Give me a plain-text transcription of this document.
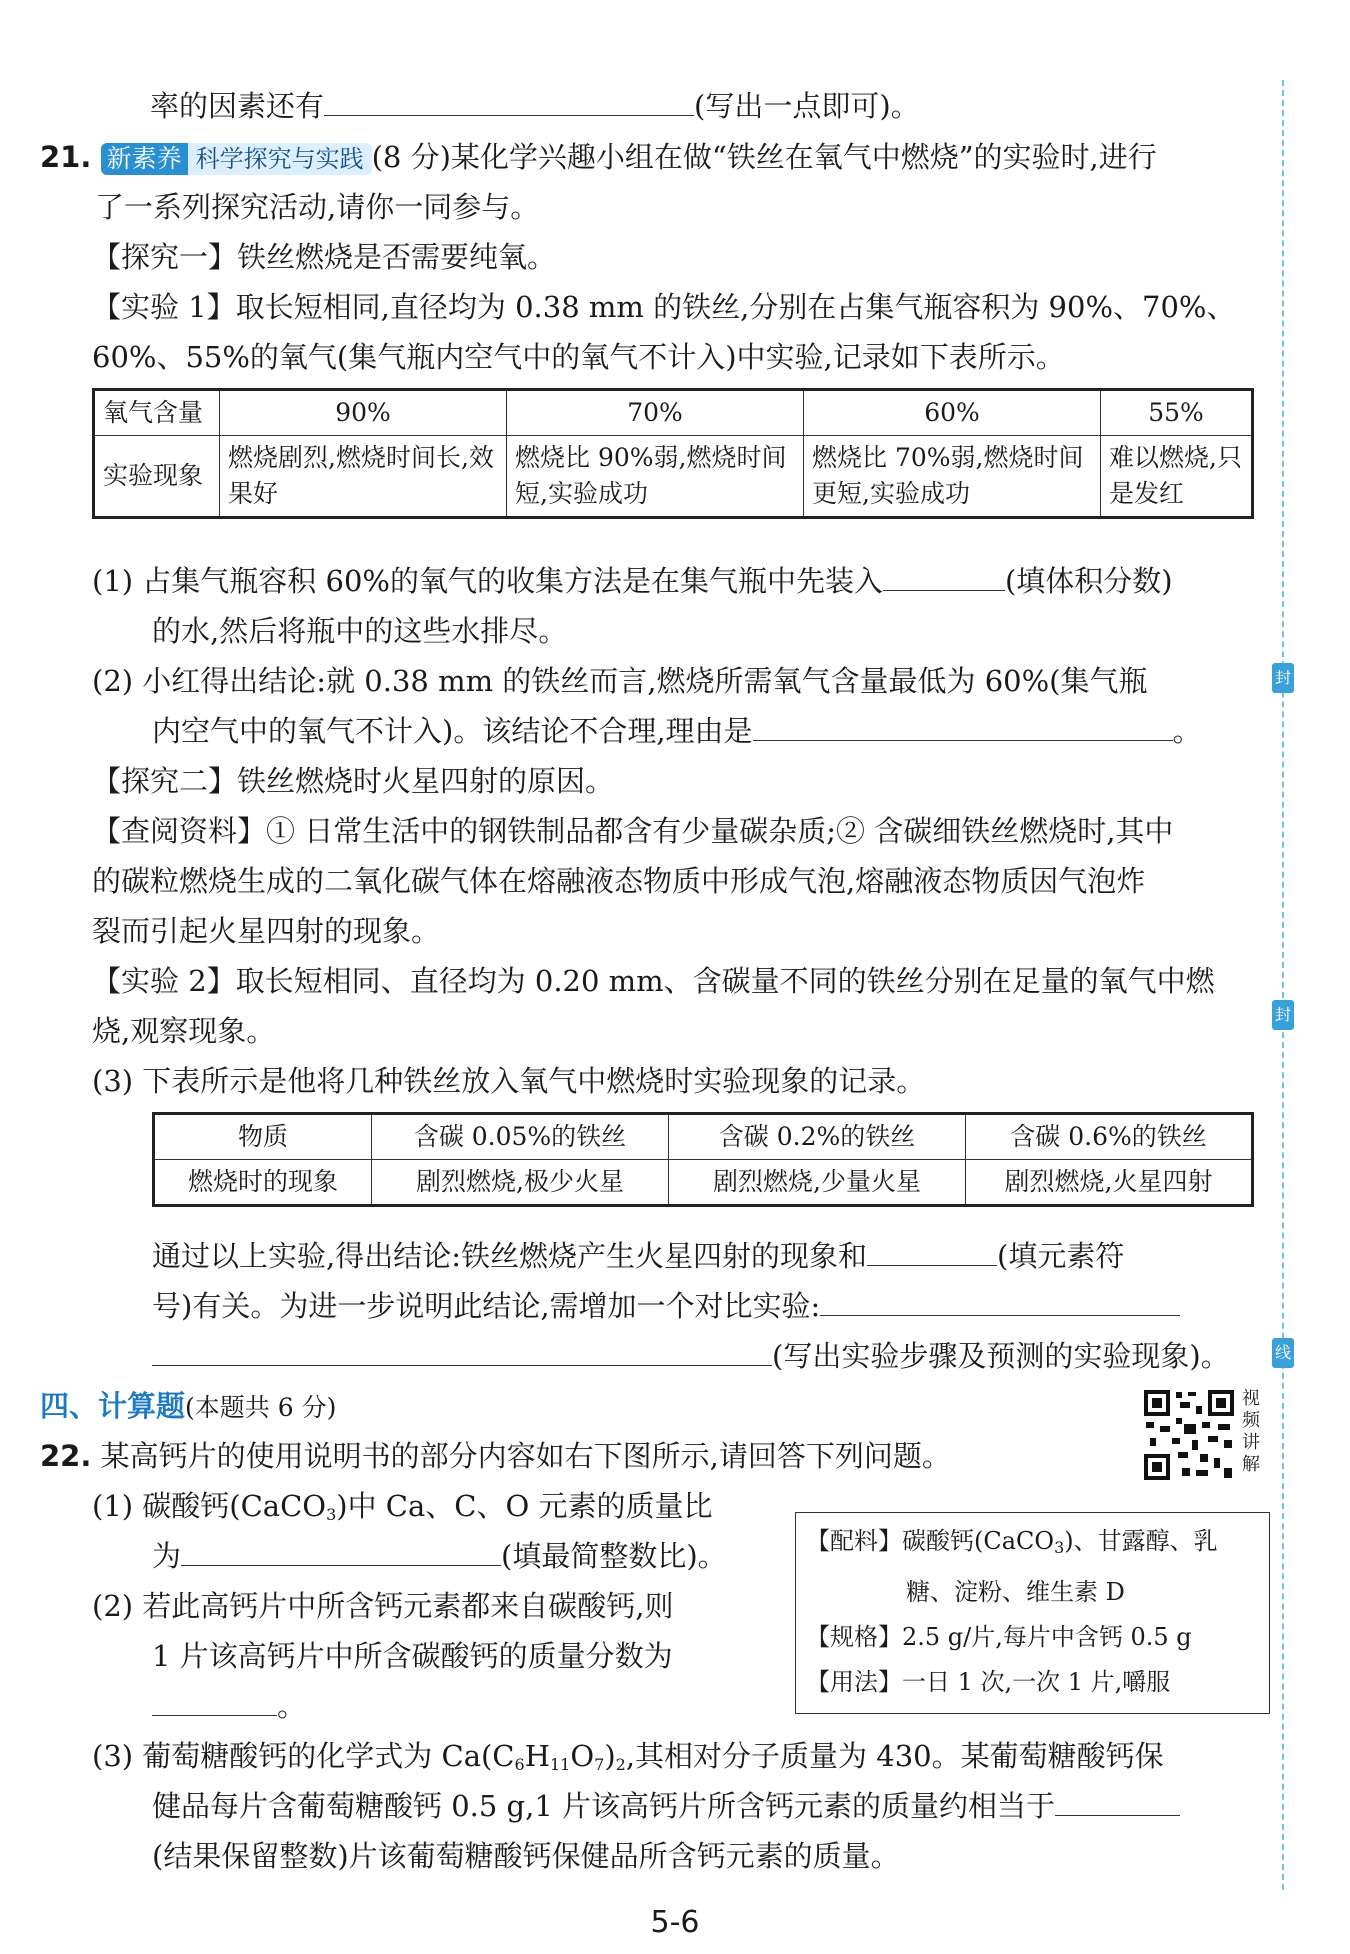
率的因素还有	(写出一点即可)。
21. 新素养 科学探究与实践 (8 分)某化学兴趣小组在做“铁丝在氧气中燃烧”的实验时,进行
了一系列探究活动,请你一同参与。
【探究一】铁丝燃烧是否需要纯氧。
【实验 1】取长短相同,直径均为 0.38 mm 的铁丝,分别在占集气瓶容积为 90%、70%、
60%、55%的氧气(集气瓶内空气中的氧气不计入)中实验,记录如下表所示。
氧气含量	90%	70%	60%	55%
实验现象	燃烧剧烈,燃烧时间长,效果好	燃烧比 90%弱,燃烧时间短,实验成功	燃烧比 70%弱,燃烧时间更短,实验成功	难以燃烧,只是发红
(1) 占集气瓶容积 60%的氧气的收集方法是在集气瓶中先装入	(填体积分数)
的水,然后将瓶中的这些水排尽。
(2) 小红得出结论:就 0.38 mm 的铁丝而言,燃烧所需氧气含量最低为 60%(集气瓶
内空气中的氧气不计入)。该结论不合理,理由是	。
【探究二】铁丝燃烧时火星四射的原因。
【查阅资料】① 日常生活中的钢铁制品都含有少量碳杂质;② 含碳细铁丝燃烧时,其中
的碳粒燃烧生成的二氧化碳气体在熔融液态物质中形成气泡,熔融液态物质因气泡炸
裂而引起火星四射的现象。
【实验 2】取长短相同、直径均为 0.20 mm、含碳量不同的铁丝分别在足量的氧气中燃
烧,观察现象。
(3) 下表所示是他将几种铁丝放入氧气中燃烧时实验现象的记录。
物质	含碳 0.05%的铁丝	含碳 0.2%的铁丝	含碳 0.6%的铁丝
燃烧时的现象	剧烈燃烧,极少火星	剧烈燃烧,少量火星	剧烈燃烧,火星四射
通过以上实验,得出结论:铁丝燃烧产生火星四射的现象和	(填元素符
号)有关。为进一步说明此结论,需增加一个对比实验:
(写出实验步骤及预测的实验现象)。
四、计算题(本题共 6 分)	视
频
讲
解
22. 某高钙片的使用说明书的部分内容如右下图所示,请回答下列问题。
(1) 碳酸钙(CaCO$_3$)中 Ca、C、O 元素的质量比
为	(填最简整数比)。
(2) 若此高钙片中所含钙元素都来自碳酸钙,则
1 片该高钙片中所含碳酸钙的质量分数为
。
【配料】碳酸钙(CaCO$_3$)、甘露醇、乳
糖、淀粉、维生素 D
【规格】2.5 g/片,每片中含钙 0.5 g
【用法】一日 1 次,一次 1 片,嚼服
(3) 葡萄糖酸钙的化学式为 $Ca(C_6H_{11}O_7)_2$,其相对分子质量为 430。某葡萄糖酸钙保
健品每片含葡萄糖酸钙 0.5 g,1 片该高钙片所含钙元素的质量约相当于
(结果保留整数)片该葡萄糖酸钙保健品所含钙元素的质量。
封
封
线
5-6
